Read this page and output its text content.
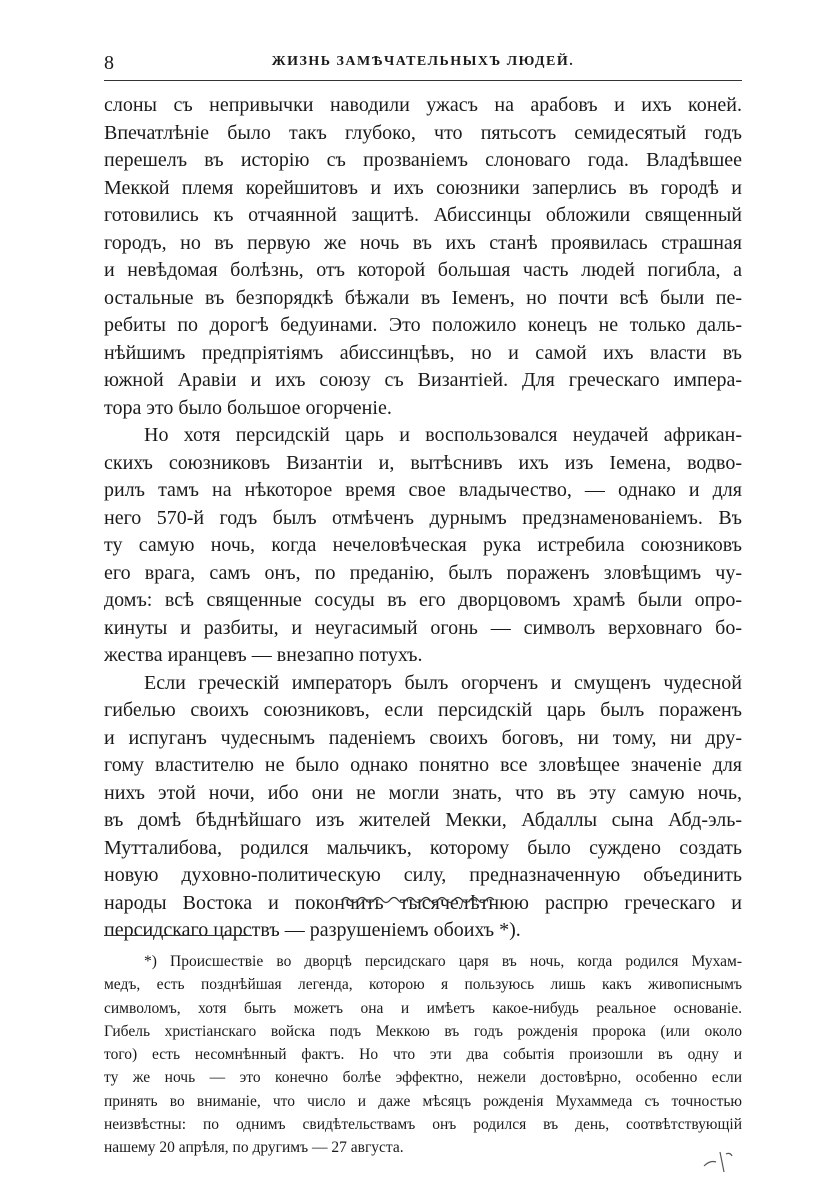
8	ЖИЗНЬ ЗАМѢЧАТЕЛЬНЫХЪ ЛЮДЕЙ.
слоны съ непривычки наводили ужасъ на арабовъ и ихъ коней.
Впечатлѣніе было такъ глубоко, что пятьсотъ семидесятый годъ
перешелъ въ исторію съ прозваніемъ слоноваго года. Владѣвшее
Меккой племя корейшитовъ и ихъ союзники заперлись въ городѣ и
готовились къ отчаянной защитѣ. Абиссинцы обложили священный
городъ, но въ первую же ночь въ ихъ станѣ проявилась страшная
и невѣдомая болѣзнь, отъ которой большая часть людей погибла, а
остальные въ безпорядкѣ бѣжали въ Іеменъ, но почти всѣ были пе-
ребиты по дорогѣ бедуинами. Это положило конецъ не только даль-
нѣйшимъ предпріятіямъ абиссинцѣвъ, но и самой ихъ власти въ
южной Аравіи и ихъ союзу съ Византіей. Для греческаго импера-
тора это было большое огорченіе.
Но хотя персидскій царь и воспользовался неудачей африкан-
скихъ союзниковъ Византіи и, вытѣснивъ ихъ изъ Іемена, водво-
рилъ тамъ на нѣкоторое время свое владычество, — однако и для
него 570-й годъ былъ отмѣченъ дурнымъ предзнаменованіемъ. Въ
ту самую ночь, когда нечеловѣческая рука истребила союзниковъ
его врага, самъ онъ, по преданію, былъ пораженъ зловѣщимъ чу-
домъ: всѣ священные сосуды въ его дворцовомъ храмѣ были опро-
кинуты и разбиты, и неугасимый огонь — символъ верховнаго бо-
жества иранцевъ — внезапно потухъ.
Если греческій императоръ былъ огорченъ и смущенъ чудесной
гибелью своихъ союзниковъ, если персидскій царь былъ пораженъ
и испуганъ чудеснымъ паденіемъ своихъ боговъ, ни тому, ни дру-
гому властителю не было однако понятно все зловѣщее значеніе для
нихъ этой ночи, ибо они не могли знать, что въ эту самую ночь,
въ домѣ бѣднѣйшаго изъ жителей Мекки, Абдаллы сына Абд-эль-
Мутталибова, родился мальчикъ, которому было суждено создать
новую духовно-политическую силу, предназначенную объединить
народы Востока и покончить тысячелѣтнюю распрю греческаго и
персидскаго царствъ — разрушеніемъ обоихъ *).
*) Происшествіе во дворцѣ персидскаго царя въ ночь, когда родился Мухам-
медъ, есть позднѣйшая легенда, которою я пользуюсь лишь какъ живописнымъ
символомъ, хотя быть можетъ она и имѣетъ какое-нибудь реальное основаніе.
Гибель христіанскаго войска подъ Меккою въ годъ рожденія пророка (или около
того) есть несомнѣнный фактъ. Но что эти два событія произошли въ одну и
ту же ночь — это конечно болѣе эффектно, нежели достовѣрно, особенно если
принять во вниманіе, что число и даже мѣсяцъ рожденія Мухаммеда съ точностью
неизвѣстны: по однимъ свидѣтельствамъ онъ родился въ день, соотвѣтствующій
нашему 20 апрѣля, по другимъ — 27 августа.
